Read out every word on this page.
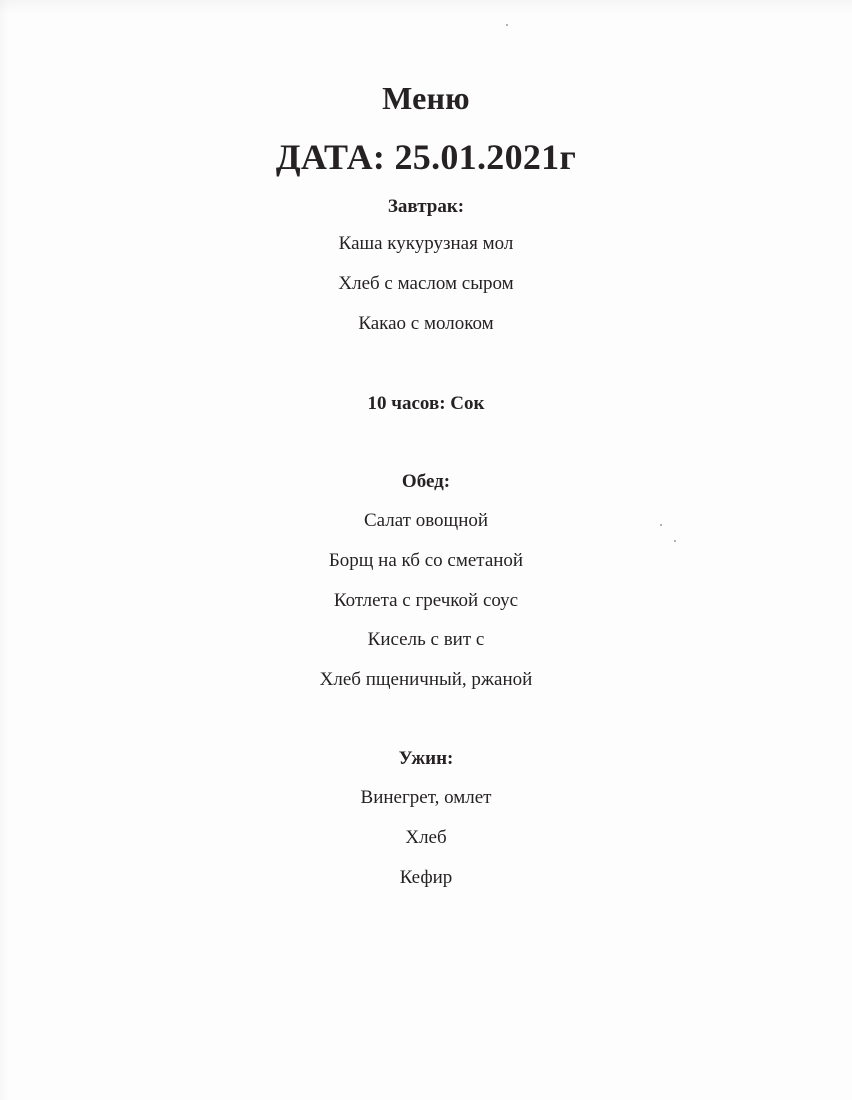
Меню
ДАТА: 25.01.2021г
Завтрак:
Каша кукурузная мол
Хлеб с маслом сыром
Какао с молоком
10 часов: Сок
Обед:
Салат овощной
Борщ на кб со сметаной
Котлета с гречкой соус
Кисель с вит с
Хлеб пщеничный, ржаной
Ужин:
Винегрет, омлет
Хлеб
Кефир
